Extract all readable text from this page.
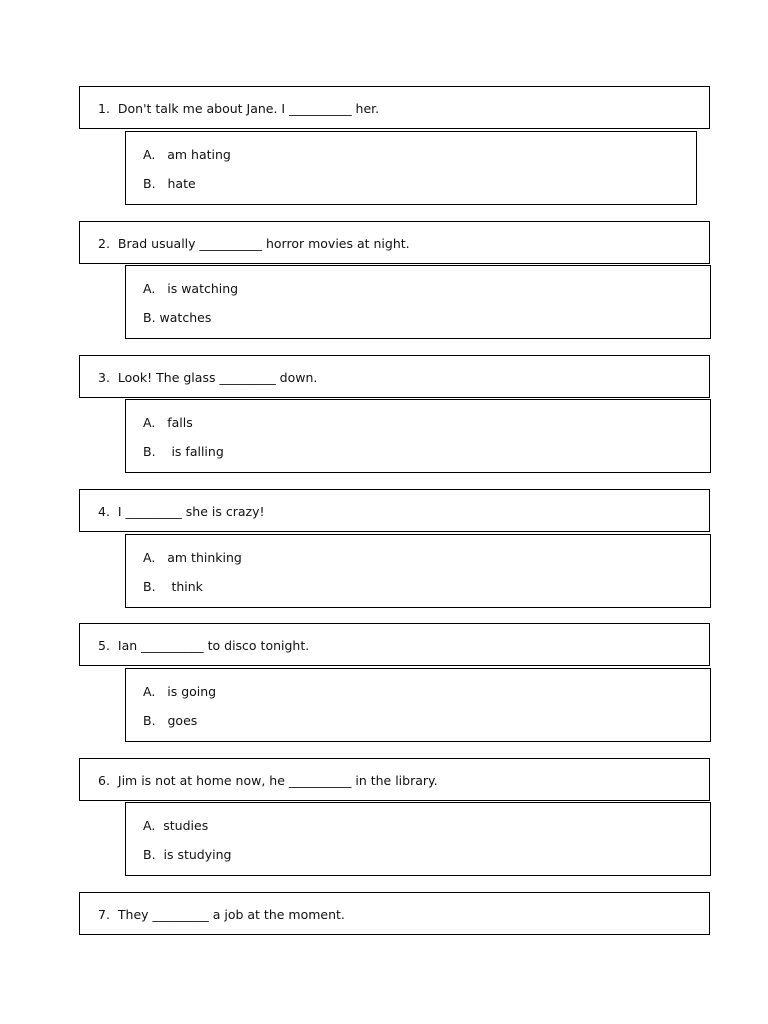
1. Don't talk me about Jane. I __________ her.
A. am hating
B. hate
2. Brad usually __________ horror movies at night.
A.   is watching
B. watches
3. Look! The glass _________ down.
A. falls
B.    is falling
4. I _________ she is crazy!
A. am thinking
B.    think
5. Ian __________ to disco tonight.
A. is going
B. goes
6. Jim is not at home now, he __________ in the library.
A. studies
B. is studying
7. They _________ a job at the moment.
